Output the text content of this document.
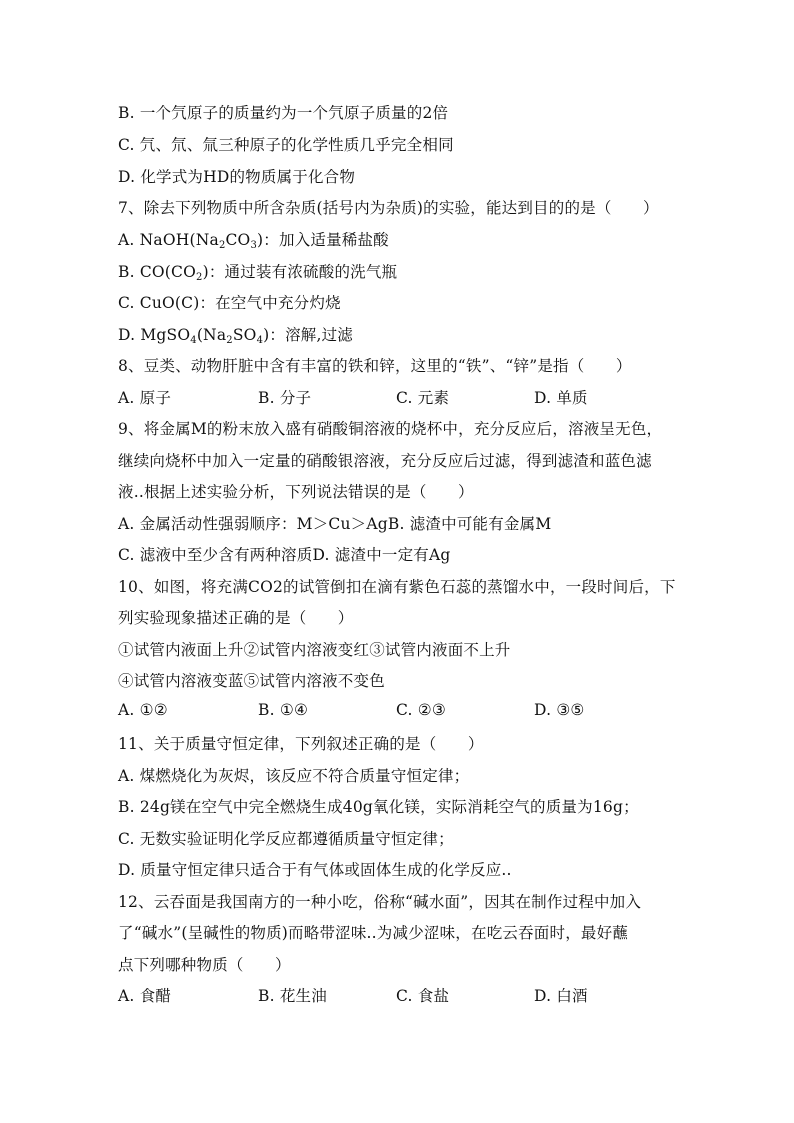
B. 一个氕原子的质量约为一个氕原子质量的2倍
C. 氕、氘、氚三种原子的化学性质几乎完全相同
D. 化学式为HD的物质属于化合物
7、除去下列物质中所含杂质(括号内为杂质)的实验，能达到目的的是（　　）
A. $NaOH(Na_2CO_3)$：加入适量稀盐酸
B. $CO(CO_2)$：通过装有浓硫酸的洗气瓶
C. CuO(C)：在空气中充分灼烧
D. $MgSO_4(Na_2SO_4)$：溶解,过滤
8、豆类、动物肝脏中含有丰富的铁和锌，这里的“铁”、“锌”是指（　　）
A. 原子	B. 分子	C. 元素	D. 单质
9、将金属M的粉末放入盛有硝酸铜溶液的烧杯中，充分反应后，溶液呈无色，
继续向烧杯中加入一定量的硝酸银溶液，充分反应后过滤，得到滤渣和蓝色滤
液..根据上述实验分析，下列说法错误的是（　　）
A. 金属活动性强弱顺序：M＞Cu＞AgB. 滤渣中可能有金属M
C. 滤液中至少含有两种溶质D. 滤渣中一定有Ag
10、如图，将充满CO2的试管倒扣在滴有紫色石蕊的蒸馏水中，一段时间后，下
列实验现象描述正确的是（　　）
①试管内液面上升②试管内溶液变红③试管内液面不上升
④试管内溶液变蓝⑤试管内溶液不变色
A. ①②	B. ①④	C. ②③	D. ③⑤
11、关于质量守恒定律，下列叙述正确的是（　　）
A. 煤燃烧化为灰烬，该反应不符合质量守恒定律；
B. 24g镁在空气中完全燃烧生成40g氧化镁，实际消耗空气的质量为16g；
C. 无数实验证明化学反应都遵循质量守恒定律；
D. 质量守恒定律只适合于有气体或固体生成的化学反应..
12、云吞面是我国南方的一种小吃，俗称“碱水面”，因其在制作过程中加入
了“碱水”(呈碱性的物质)而略带涩味..为减少涩味，在吃云吞面时，最好蘸
点下列哪种物质（　　）
A. 食醋	B. 花生油	C. 食盐	D. 白酒
